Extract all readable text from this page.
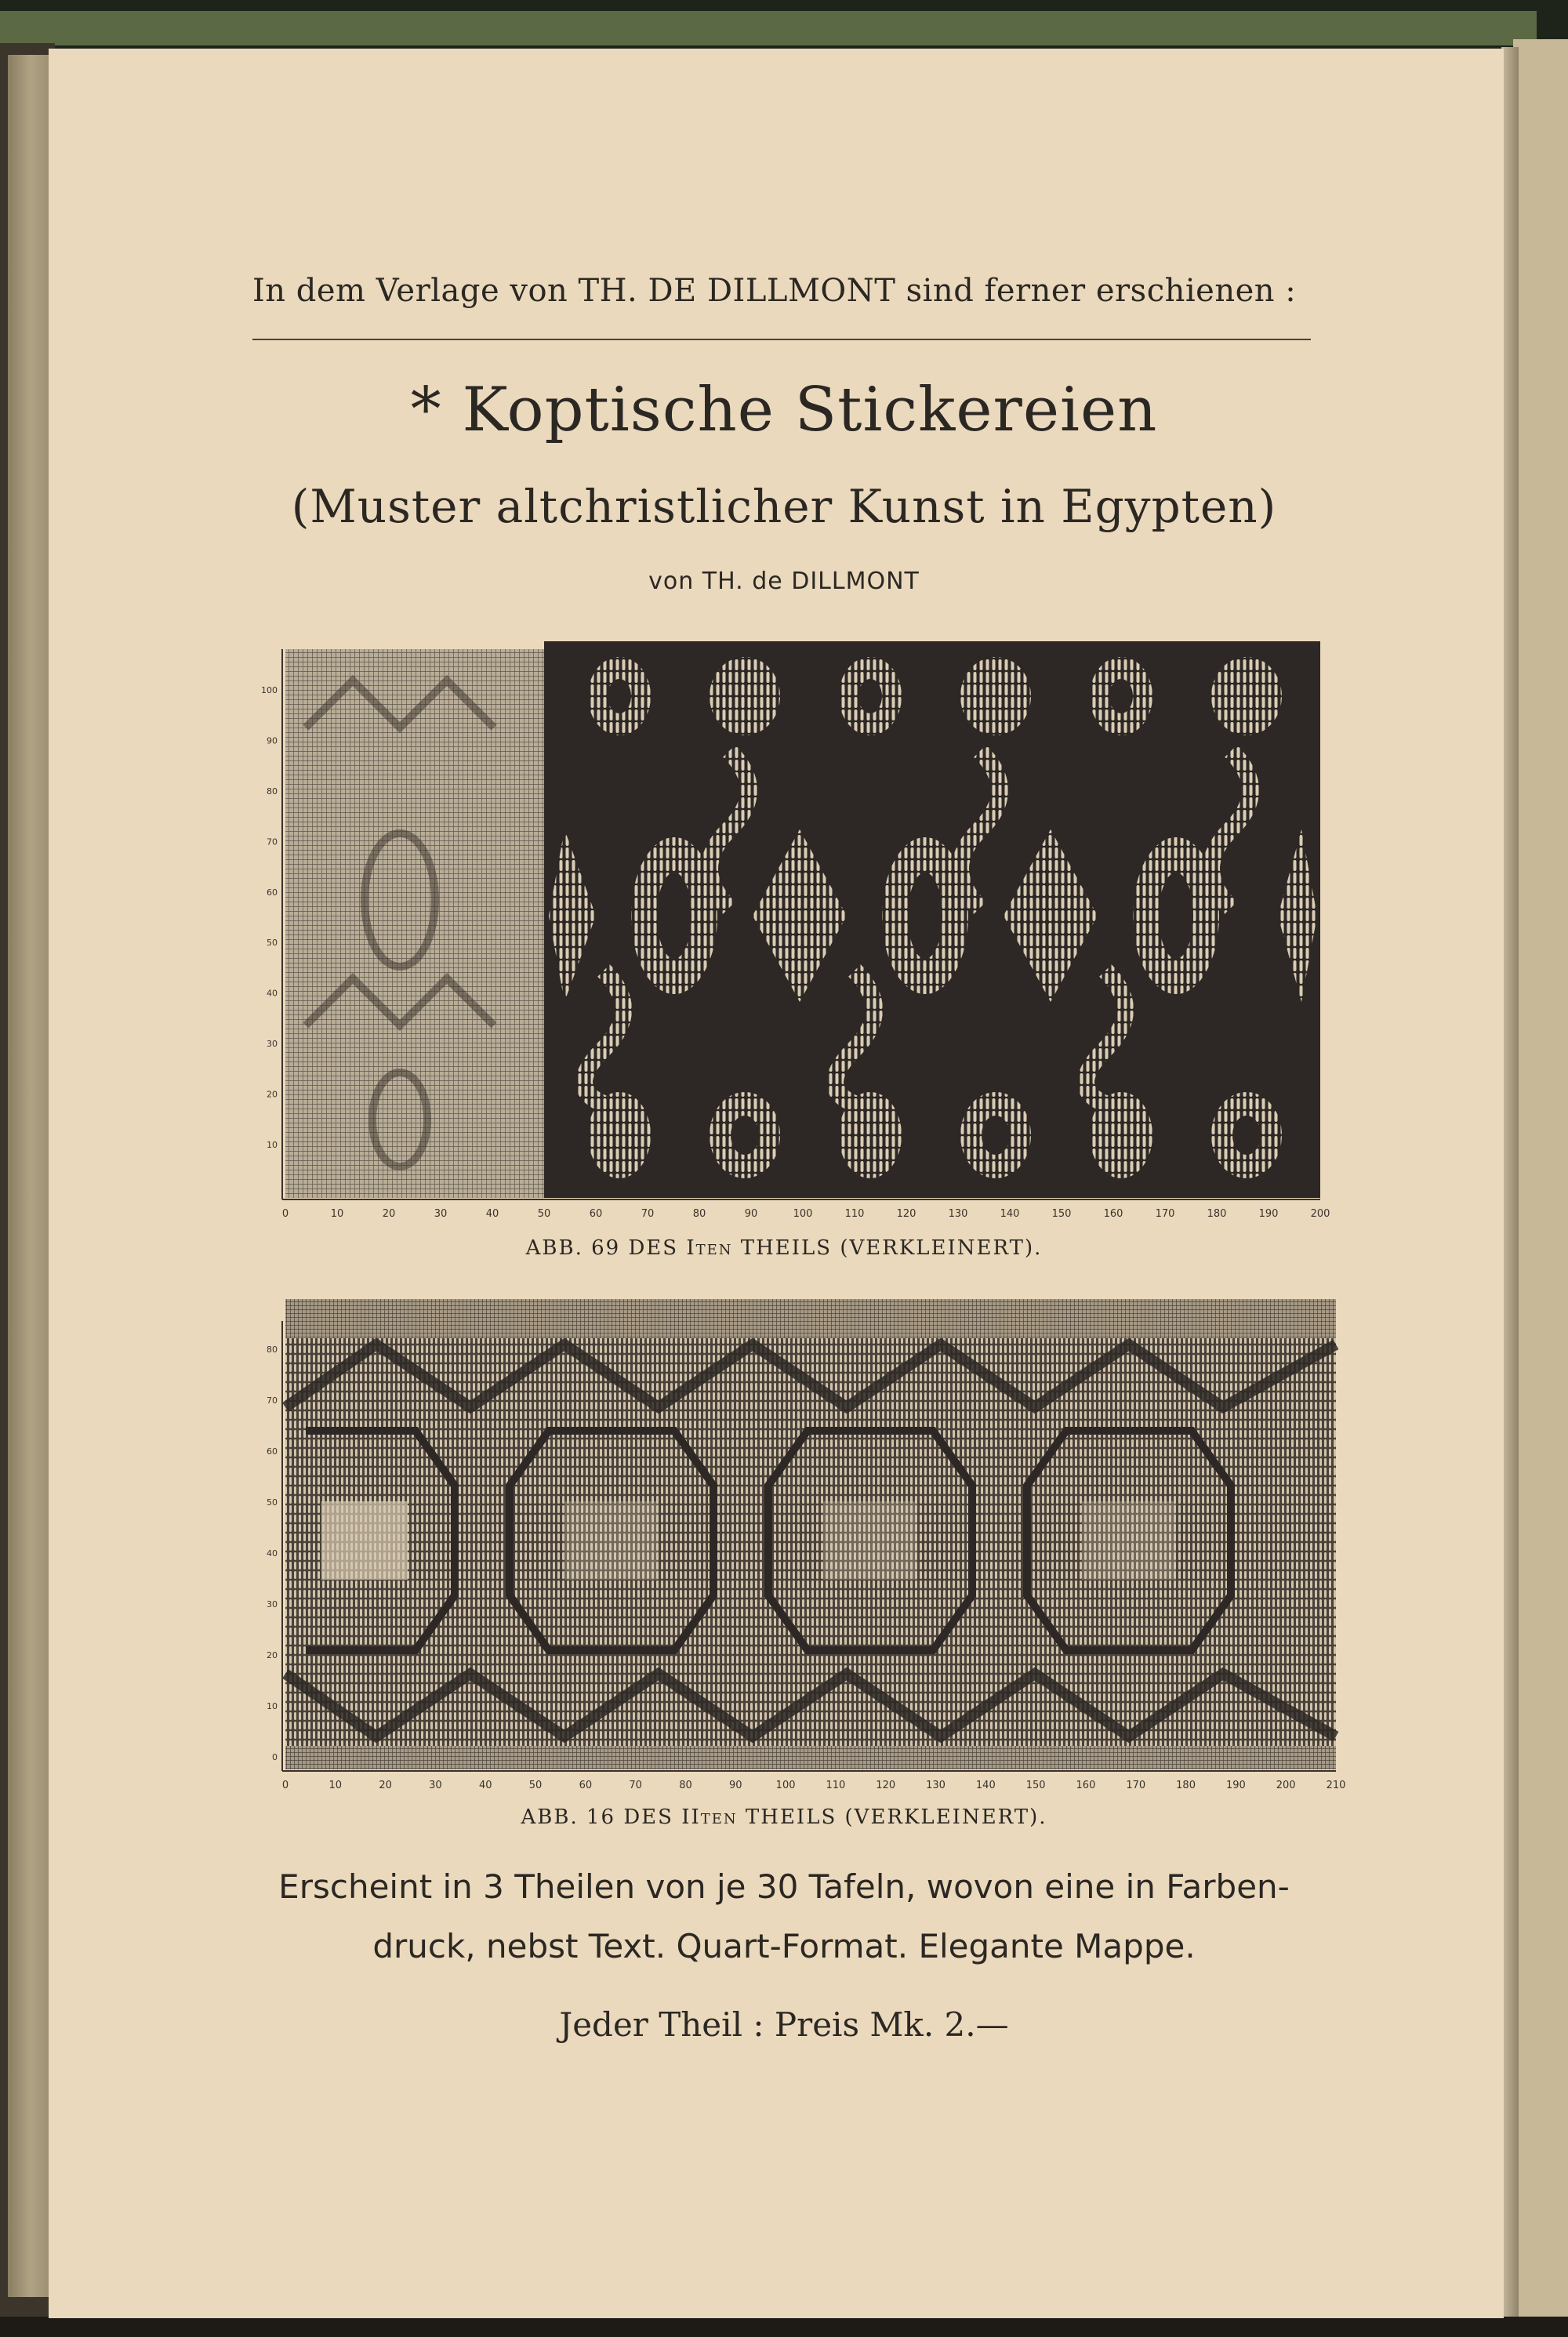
In dem Verlage von TH. DE DILLMONT sind ferner erschienen :
* Koptische Stickereien
(Muster altchristlicher Kunst in Egypten)
von TH. de DILLMONT
100
90
80
70
60
50
40
30
20
10
0	10	20	30	40	50	60	70	80	90	100	110	120	130	140	150	160	170	180	190	200
ABB. 69 DES Iten THEILS (VERKLEINERT).
80
70
60
50
40
30
20
10
0
0	10	20	30	40	50	60	70	80	90	100	110	120	130	140	150	160	170	180	190	200	210
ABB. 16 DES IIten THEILS (VERKLEINERT).
Erscheint in 3 Theilen von je 30 Tafeln, wovon eine in Farben-
druck, nebst Text. Quart-Format. Elegante Mappe.
Jeder Theil : Preis Mk. 2.—
